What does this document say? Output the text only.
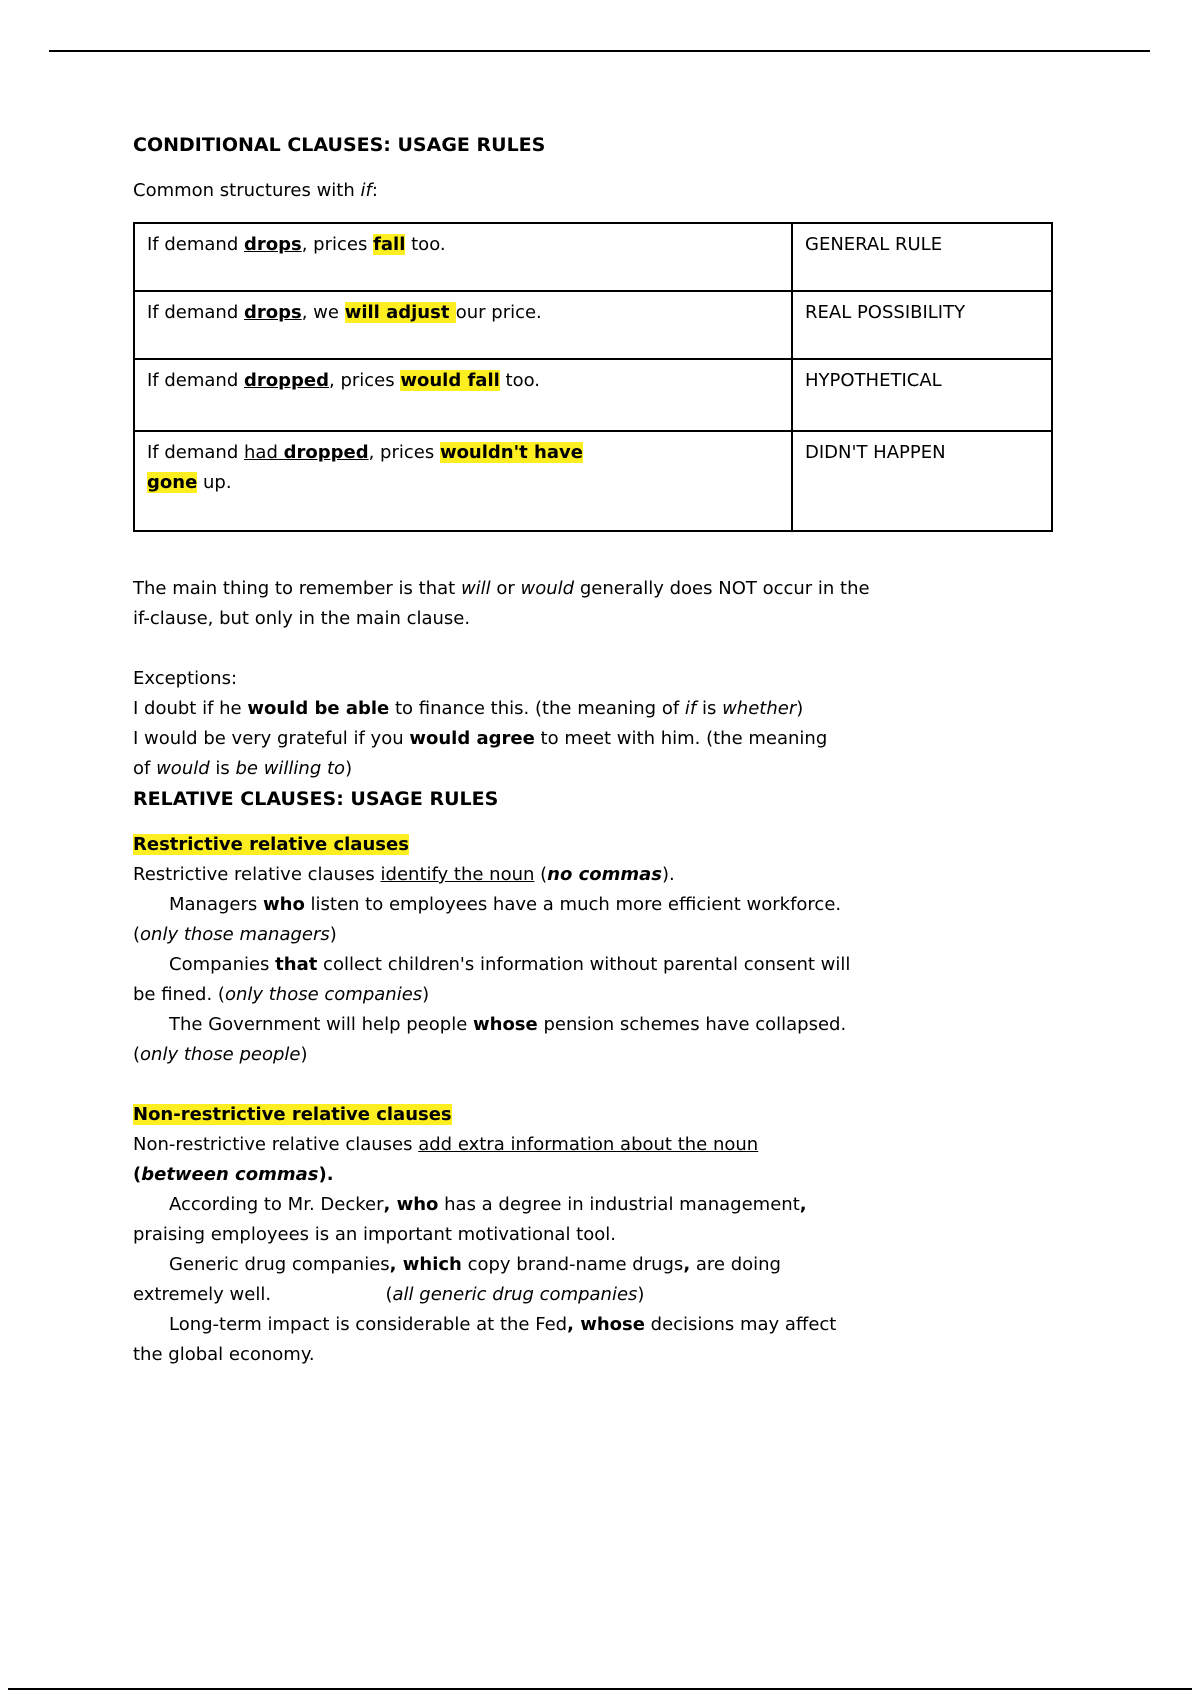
CONDITIONAL CLAUSES: USAGE RULES

Common structures with if:

If demand drops, prices fall too.	GENERAL RULE
If demand drops, we will adjust our price.	REAL POSSIBILITY
If demand dropped, prices would fall too.	HYPOTHETICAL
If demand had dropped, prices wouldn't have
gone up.	DIDN'T HAPPEN

The main thing to remember is that will or would generally does NOT occur in the
if-clause, but only in the main clause.

Exceptions:
I doubt if he would be able to finance this. (the meaning of if is whether)
I would be very grateful if you would agree to meet with him. (the meaning
of would is be willing to)

RELATIVE CLAUSES: USAGE RULES

Restrictive relative clauses

Restrictive relative clauses identify the noun (no commas).

Managers who listen to employees have a much more efficient workforce.
(only those managers)

Companies that collect children's information without parental consent will
be fined. (only those companies)

The Government will help people whose pension schemes have collapsed.
(only those people)

Non-restrictive relative clauses

Non-restrictive relative clauses add extra information about the noun
(between commas).

According to Mr. Decker, who has a degree in industrial management,
praising employees is an important motivational tool.

Generic drug companies, which copy brand-name drugs, are doing
extremely well.                    (all generic drug companies)

Long-term impact is considerable at the Fed, whose decisions may affect
the global economy.
